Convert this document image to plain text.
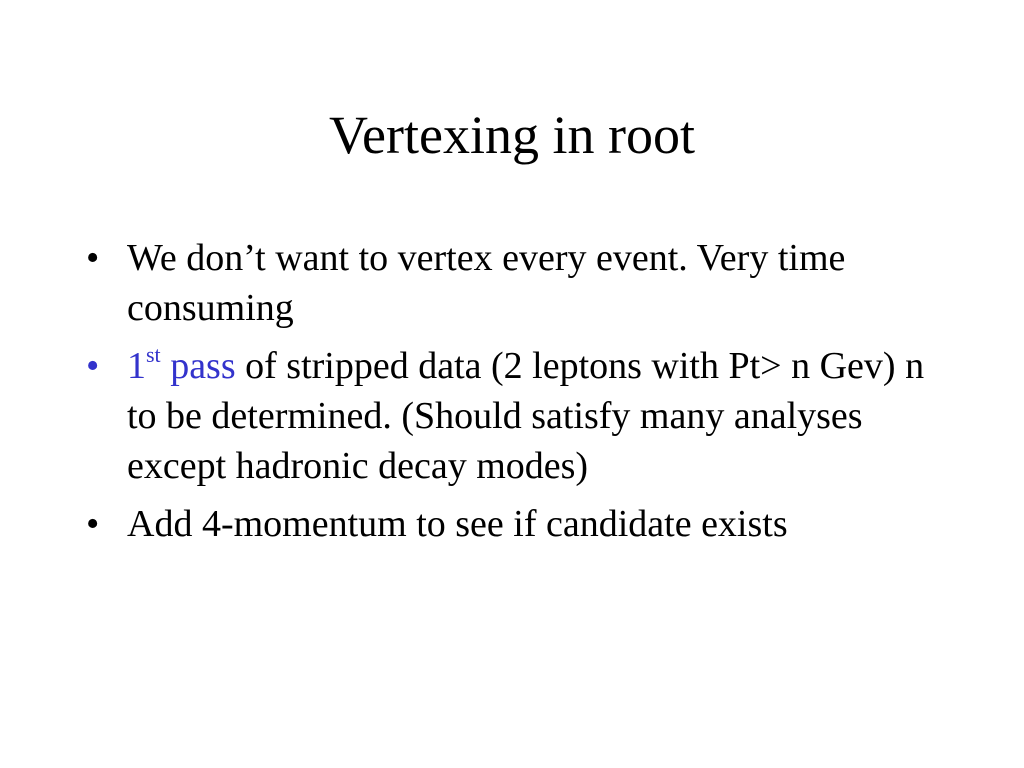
Vertexing in root
• We don’t want to vertex every event. Very time consuming
• 1st pass of stripped data (2 leptons with Pt> n Gev) n to be determined. (Should satisfy many analyses except hadronic decay modes)
• Add 4-momentum to see if candidate exists
